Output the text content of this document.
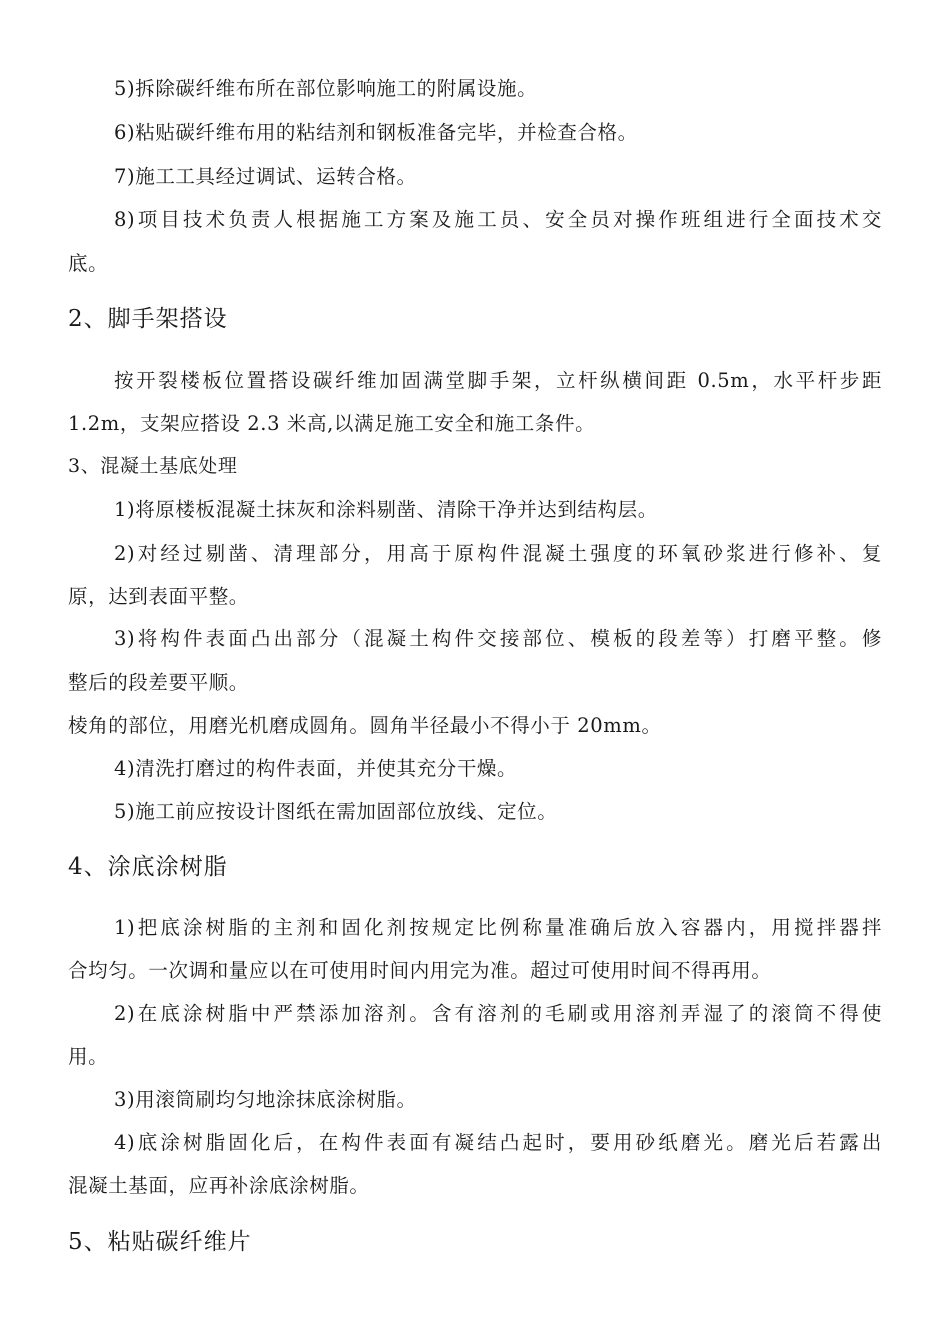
5)拆除碳纤维布所在部位影响施工的附属设施。
6)粘贴碳纤维布用的粘结剂和钢板准备完毕，并检查合格。
7)施工工具经过调试、运转合格。
8)项目技术负责人根据施工方案及施工员、安全员对操作班组进行全面技术交
底。
2、脚手架搭设
按开裂楼板位置搭设碳纤维加固满堂脚手架，立杆纵横间距 0.5m，水平杆步距
1.2m，支架应搭设 2.3 米高,以满足施工安全和施工条件。
3、混凝土基底处理
1)将原楼板混凝土抹灰和涂料剔凿、清除干净并达到结构层。
2)对经过剔凿、清理部分，用高于原构件混凝土强度的环氧砂浆进行修补、复
原，达到表面平整。
3)将构件表面凸出部分（混凝土构件交接部位、模板的段差等）打磨平整。修
整后的段差要平顺。
棱角的部位，用磨光机磨成圆角。圆角半径最小不得小于 20mm。
4)清洗打磨过的构件表面，并使其充分干燥。
5)施工前应按设计图纸在需加固部位放线、定位。
4、涂底涂树脂
1)把底涂树脂的主剂和固化剂按规定比例称量准确后放入容器内，用搅拌器拌
合均匀。一次调和量应以在可使用时间内用完为准。超过可使用时间不得再用。
2)在底涂树脂中严禁添加溶剂。含有溶剂的毛刷或用溶剂弄湿了的滚筒不得使
用。
3)用滚筒刷均匀地涂抹底涂树脂。
4)底涂树脂固化后，在构件表面有凝结凸起时，要用砂纸磨光。磨光后若露出
混凝土基面，应再补涂底涂树脂。
5、粘贴碳纤维片
